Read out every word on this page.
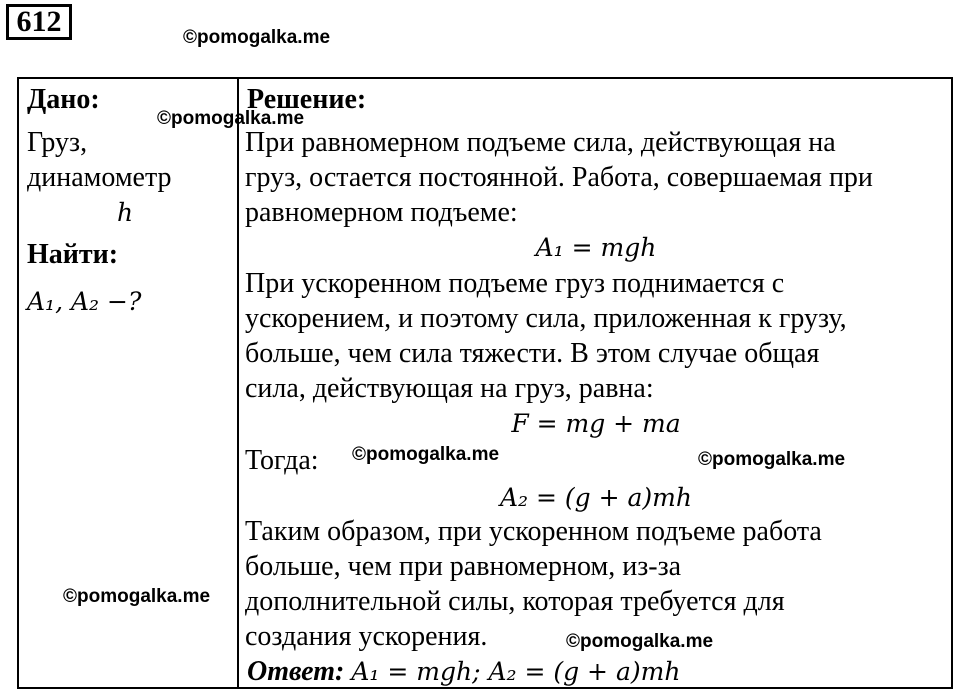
612	©pomogalka.me
Дано:
Груз,
динамометр
h
Найти:
A₁, A₂ −?
Решение:
При равномерном подъеме сила, действующая на
груз, остается постоянной. Работа, совершаемая при
равномерном подъеме:
A₁ = mgh
При ускоренном подъеме груз поднимается с
ускорением, и поэтому сила, приложенная к грузу,
больше, чем сила тяжести. В этом случае общая
сила, действующая на груз, равна:
F = mg + ma
Тогда:
A₂ = (g + a)mh
Таким образом, при ускоренном подъеме работа
больше, чем при равномерном, из-за
дополнительной силы, которая требуется для
создания ускорения.
Ответ: A₁ = mgh; A₂ = (g + a)mh
©pomogalka.me
©pomogalka.me	©pomogalka.me
©pomogalka.me
©pomogalka.me
